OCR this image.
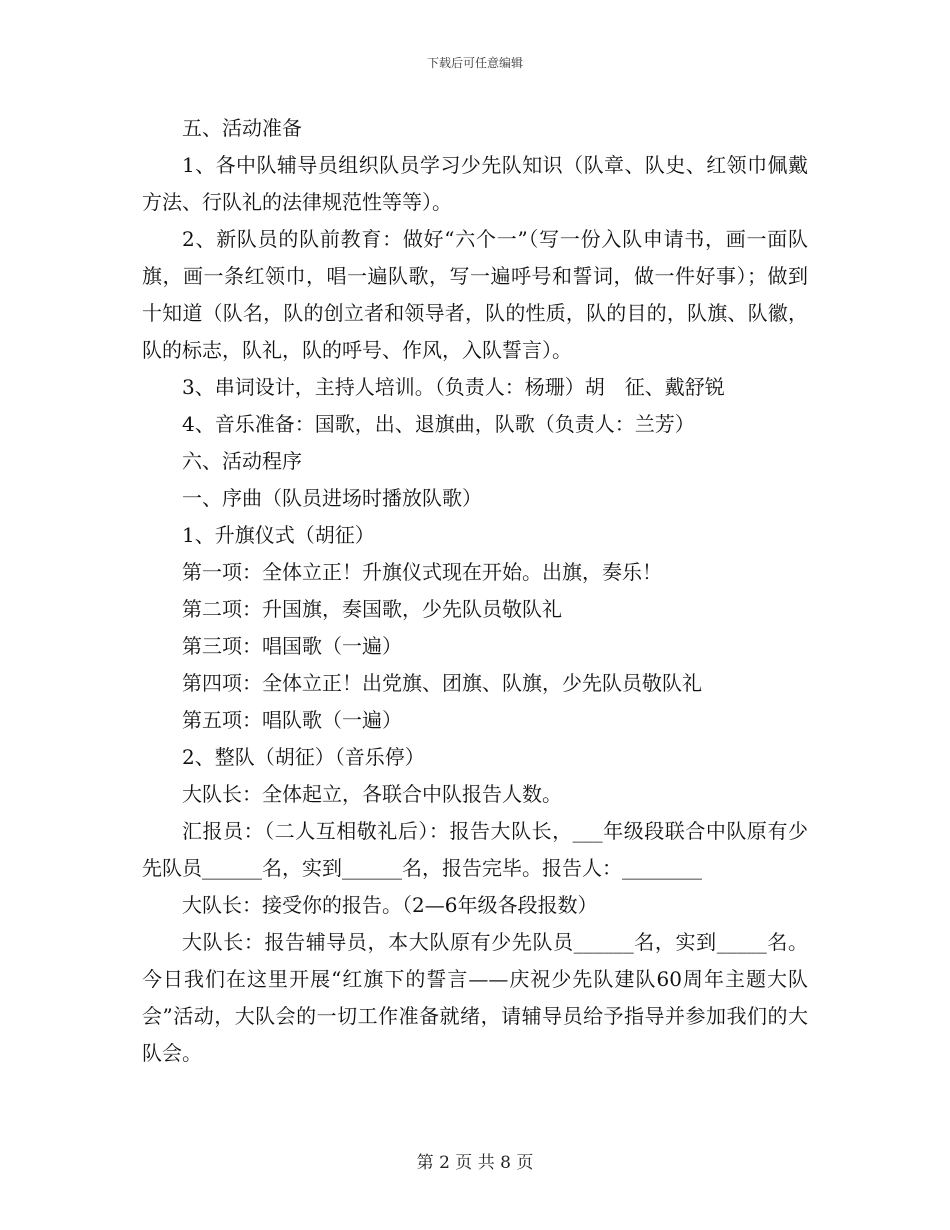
下载后可任意编辑

五、活动准备

1、各中队辅导员组织队员学习少先队知识（队章、队史、红领巾佩戴方法、行队礼的法律规范性等等）。

2、新队员的队前教育：做好“六个一”（写一份入队申请书，画一面队旗，画一条红领巾，唱一遍队歌，写一遍呼号和誓词，做一件好事）；做到十知道（队名，队的创立者和领导者，队的性质，队的目的，队旗、队徽，队的标志，队礼，队的呼号、作风，入队誓言）。

3、串词设计，主持人培训。（负责人：杨珊）胡　征、戴舒锐

4、音乐准备：国歌，出、退旗曲，队歌（负责人：兰芳）

六、活动程序

一、序曲（队员进场时播放队歌）

1、升旗仪式（胡征）

第一项：全体立正！升旗仪式现在开始。出旗，奏乐！

第二项：升国旗，奏国歌，少先队员敬队礼

第三项：唱国歌（一遍）

第四项：全体立正！出党旗、团旗、队旗，少先队员敬队礼

第五项：唱队歌（一遍）

2、整队（胡征）（音乐停）

大队长：全体起立，各联合中队报告人数。

汇报员：（二人互相敬礼后）：报告大队长，___年级段联合中队原有少先队员______名，实到______名，报告完毕。报告人：________

大队长：接受你的报告。（2—6年级各段报数）

大队长：报告辅导员，本大队原有少先队员______名，实到_____名。今日我们在这里开展“红旗下的誓言——庆祝少先队建队60周年主题大队会”活动，大队会的一切工作准备就绪，请辅导员给予指导并参加我们的大队会。

第 2 页 共 8 页
